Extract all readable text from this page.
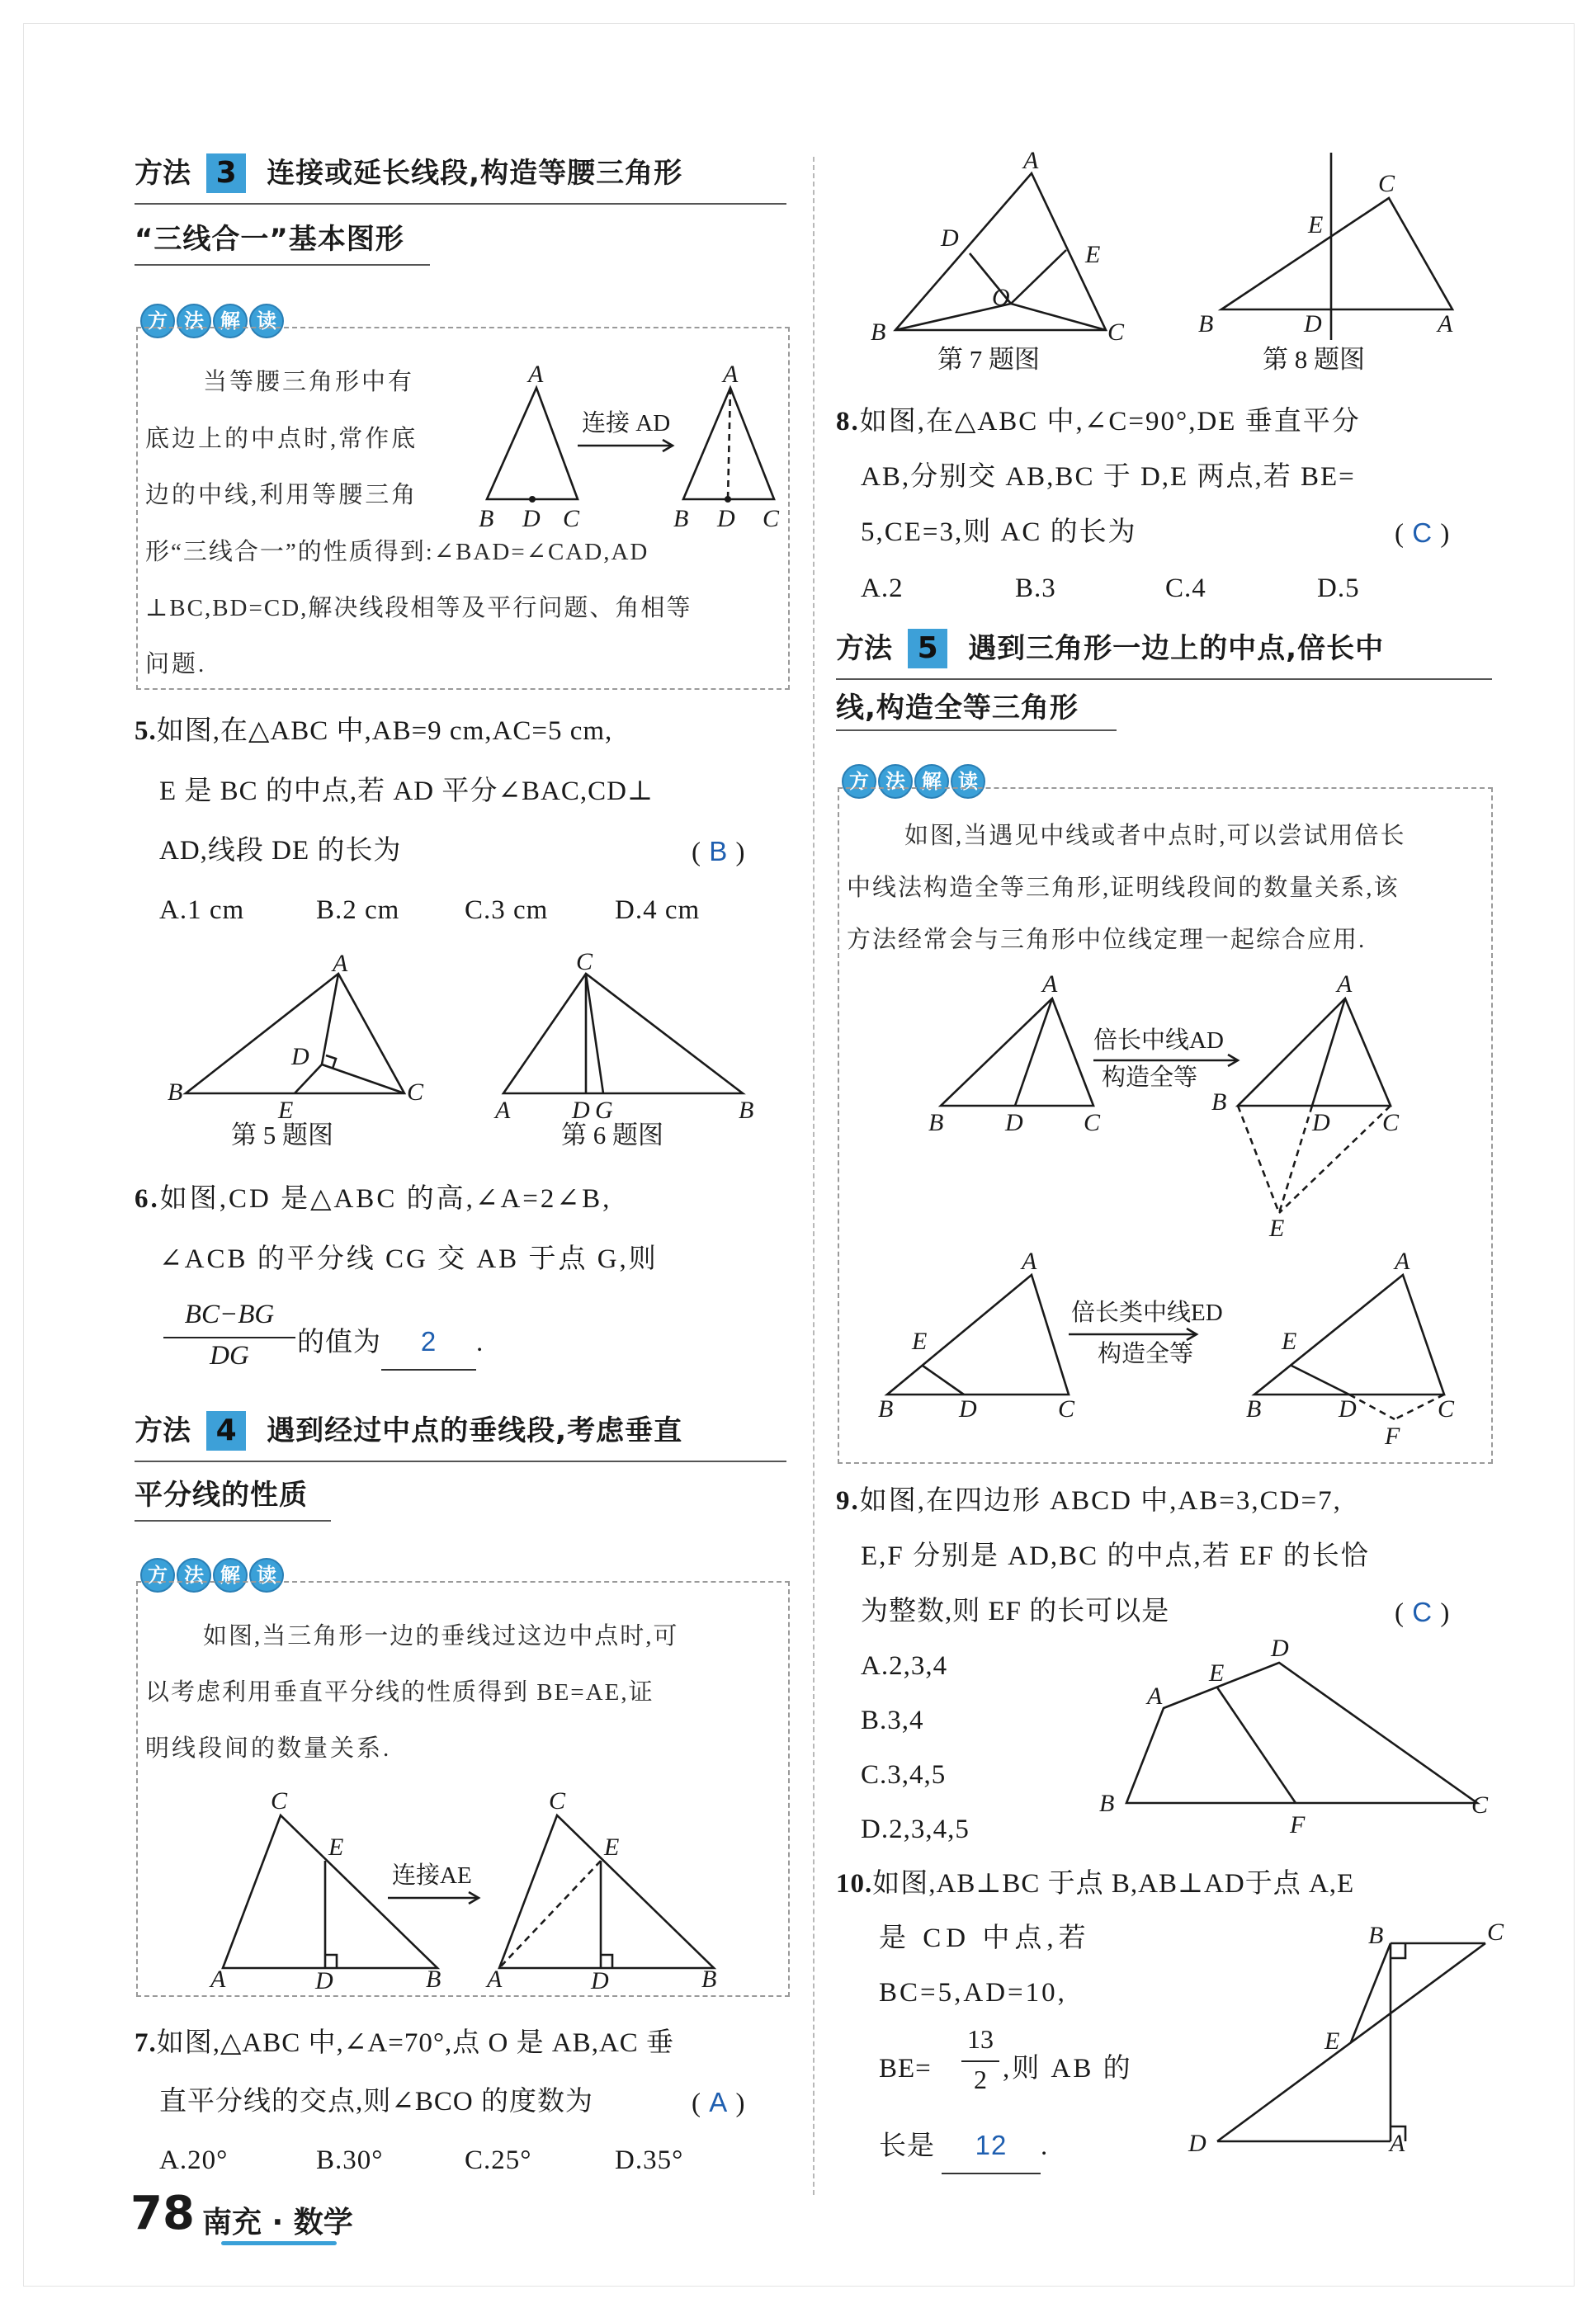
方法 3 连接或延长线段,构造等腰三角形
“三线合一”基本图形
方 法 解 读
当等腰三角形中有
底边上的中点时,常作底
边的中线,利用等腰三角
形“三线合一”的性质得到:∠BAD=∠CAD,AD
⊥BC,BD=CD,解决线段相等及平行问题、角相等
问题.
A
B D C
连接 AD
A
B D C
5.如图,在△ABC 中,AB=9 cm,AC=5 cm,
E 是 BC 的中点,若 AD 平分∠BAC,CD⊥
AD,线段 DE 的长为	( B )
A.1 cm	B.2 cm C.3 cm D.4 cm
A
B
D
E
C
C
A D G	B
第 5 题图	第 6 题图
6.如图,CD 是△ABC 的高,∠A=2∠B,
∠ACB 的平分线 CG 交 AB 于点 G,则
BC−BG
DG	的值为 2 .
方法 4 遇到经过中点的垂线段,考虑垂直
平分线的性质
方 法 解 读
如图,当三角形一边的垂线过这边中点时,可
以考虑利用垂直平分线的性质得到 BE=AE,证
明线段间的数量关系.
C
E
A	D	B
连接AE
C
E
A	D	B
7.如图,△ABC 中,∠A=70°,点 O 是 AB,AC 垂
直平分线的交点,则∠BCO 的度数为	( A )
A.20°	B.30°	C.25°	D.35°
A
D
E
O
B	C
C
E
B	D	A
第 7 题图	第 8 题图
8.如图,在△ABC 中,∠C=90°,DE 垂直平分
AB,分别交 AB,BC 于 D,E 两点,若 BE=
5,CE=3,则 AC 的长为	( C )
A.2	B.3	C.4	D.5
方法 5 遇到三角形一边上的中点,倍长中
线,构造全等三角形
方 法 解 读
如图,当遇见中线或者中点时,可以尝试用倍长
中线法构造全等三角形,证明线段间的数量关系,该
方法经常会与三角形中位线定理一起综合应用.
A
B D C
倍长中线AD
构造全等
A
B
D C
E
A
E
B	D	C
倍长类中线ED
构造全等
A
E
B	D	C
F
9.如图,在四边形 ABCD 中,AB=3,CD=7,
E,F 分别是 AD,BC 的中点,若 EF 的长恰
为整数,则 EF 的长可以是	( C )
A.2,3,4
B.3,4
C.3,4,5
D.2,3,4,5
D
E
A
B
F
C
10.如图,AB⊥BC 于点 B,AB⊥AD于点 A,E
是 CD 中点,若
BC=5,AD=10,
BE=
13
2 ,则 AB 的
长是 12 .
B	C
E
D	A
78 南充 · 数学
